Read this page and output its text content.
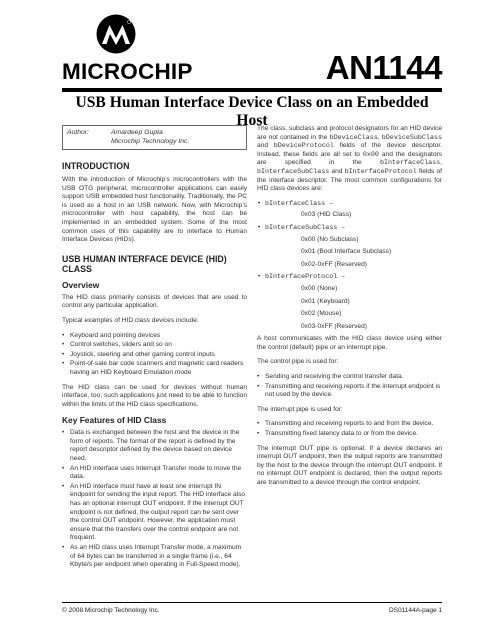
MICROCHIP	AN1144
USB Human Interface Device Class on an Embedded Host
Author:	Amardeep Gupta
Microchip Technology Inc.
INTRODUCTION

With the introduction of Microchip’s microcontrollers with the USB OTG peripheral, microcontroller applications can easily support USB embedded host functionality. Traditionally, the PC is used as a host in an USB network. Now, with Microchip’s microcontroller with host capability, the host can be implemented in an embedded system. Some of the most common uses of this capability are to interface to Human Interface Devices (HIDs).

USB HUMAN INTERFACE DEVICE (HID) CLASS
Overview

The HID class primarily consists of devices that are used to control any particular application.

Typical examples of HID class devices include:

• Keyboard and pointing devices
• Control switches, sliders and so on
• Joystick, steering and other gaming control inputs
• Point-of-sale bar code scanners and magnetic card readers having an HID Keyboard Emulation mode

The HID class can be used for devices without human interface, too; such applications just need to be able to function within the limits of the HID class specifications.

Key Features of HID Class
• Data is exchanged between the host and the device in the form of reports. The format of the report is defined by the report descriptor defined by the device based on device need.
• An HID interface uses Interrupt Transfer mode to move the data.
• An HID interface must have at least one interrupt IN endpoint for sending the input report. The HID interface also has an optional interrupt OUT endpoint. If the interrupt OUT endpoint is not defined, the output report can be sent over the control OUT endpoint. However, the application must ensure that the transfers over the control endpoint are not frequent.
• As an HID class uses Interrupt Transfer mode, a maximum of 64 bytes can be transferred in a single frame (i.e., 64 Kbyte/s per endpoint when operating in Full-Speed mode).

The class, subclass and protocol designators for an HID device are not contained in the bDeviceClass, bDeviceSubClass and bDeviceProtocol fields of the device descriptor. Instead, these fields are all set to 0x00 and the designators are specified in the bInterfaceClass, bInterfaceSubClass and bInterfaceProtocol fields of the interface descriptor. The most common configurations for HID class devices are:

• bInterfaceClass –
0x03 (HID Class)
• bInterfaceSubClass –
0x00 (No Subclass)
0x01 (Boot Interface Subclass)
0x02-0xFF (Reserved)
• bInterfaceProtocol –
0x00 (None)
0x01 (Keyboard)
0x02 (Mouse)
0x03-0xFF (Reserved)

A host communicates with the HID class device using either the control (default) pipe or an interrupt pipe.

The control pipe is used for:

• Sending and receiving the control transfer data.
• Transmitting and receiving reports if the interrupt endpoint is not used by the device.

The interrupt pipe is used for:

• Transmitting and receiving reports to and from the device.
• Transmitting fixed latency data to or from the device.

The interrupt OUT pipe is optional. If a device declares an interrupt OUT endpoint, then the output reports are transmitted by the host to the device through the interrupt OUT endpoint. If no interrupt OUT endpoint is declared, then the output reports are transmitted to a device through the control endpoint.

© 2008 Microchip Technology Inc.	DS01144A-page 1
